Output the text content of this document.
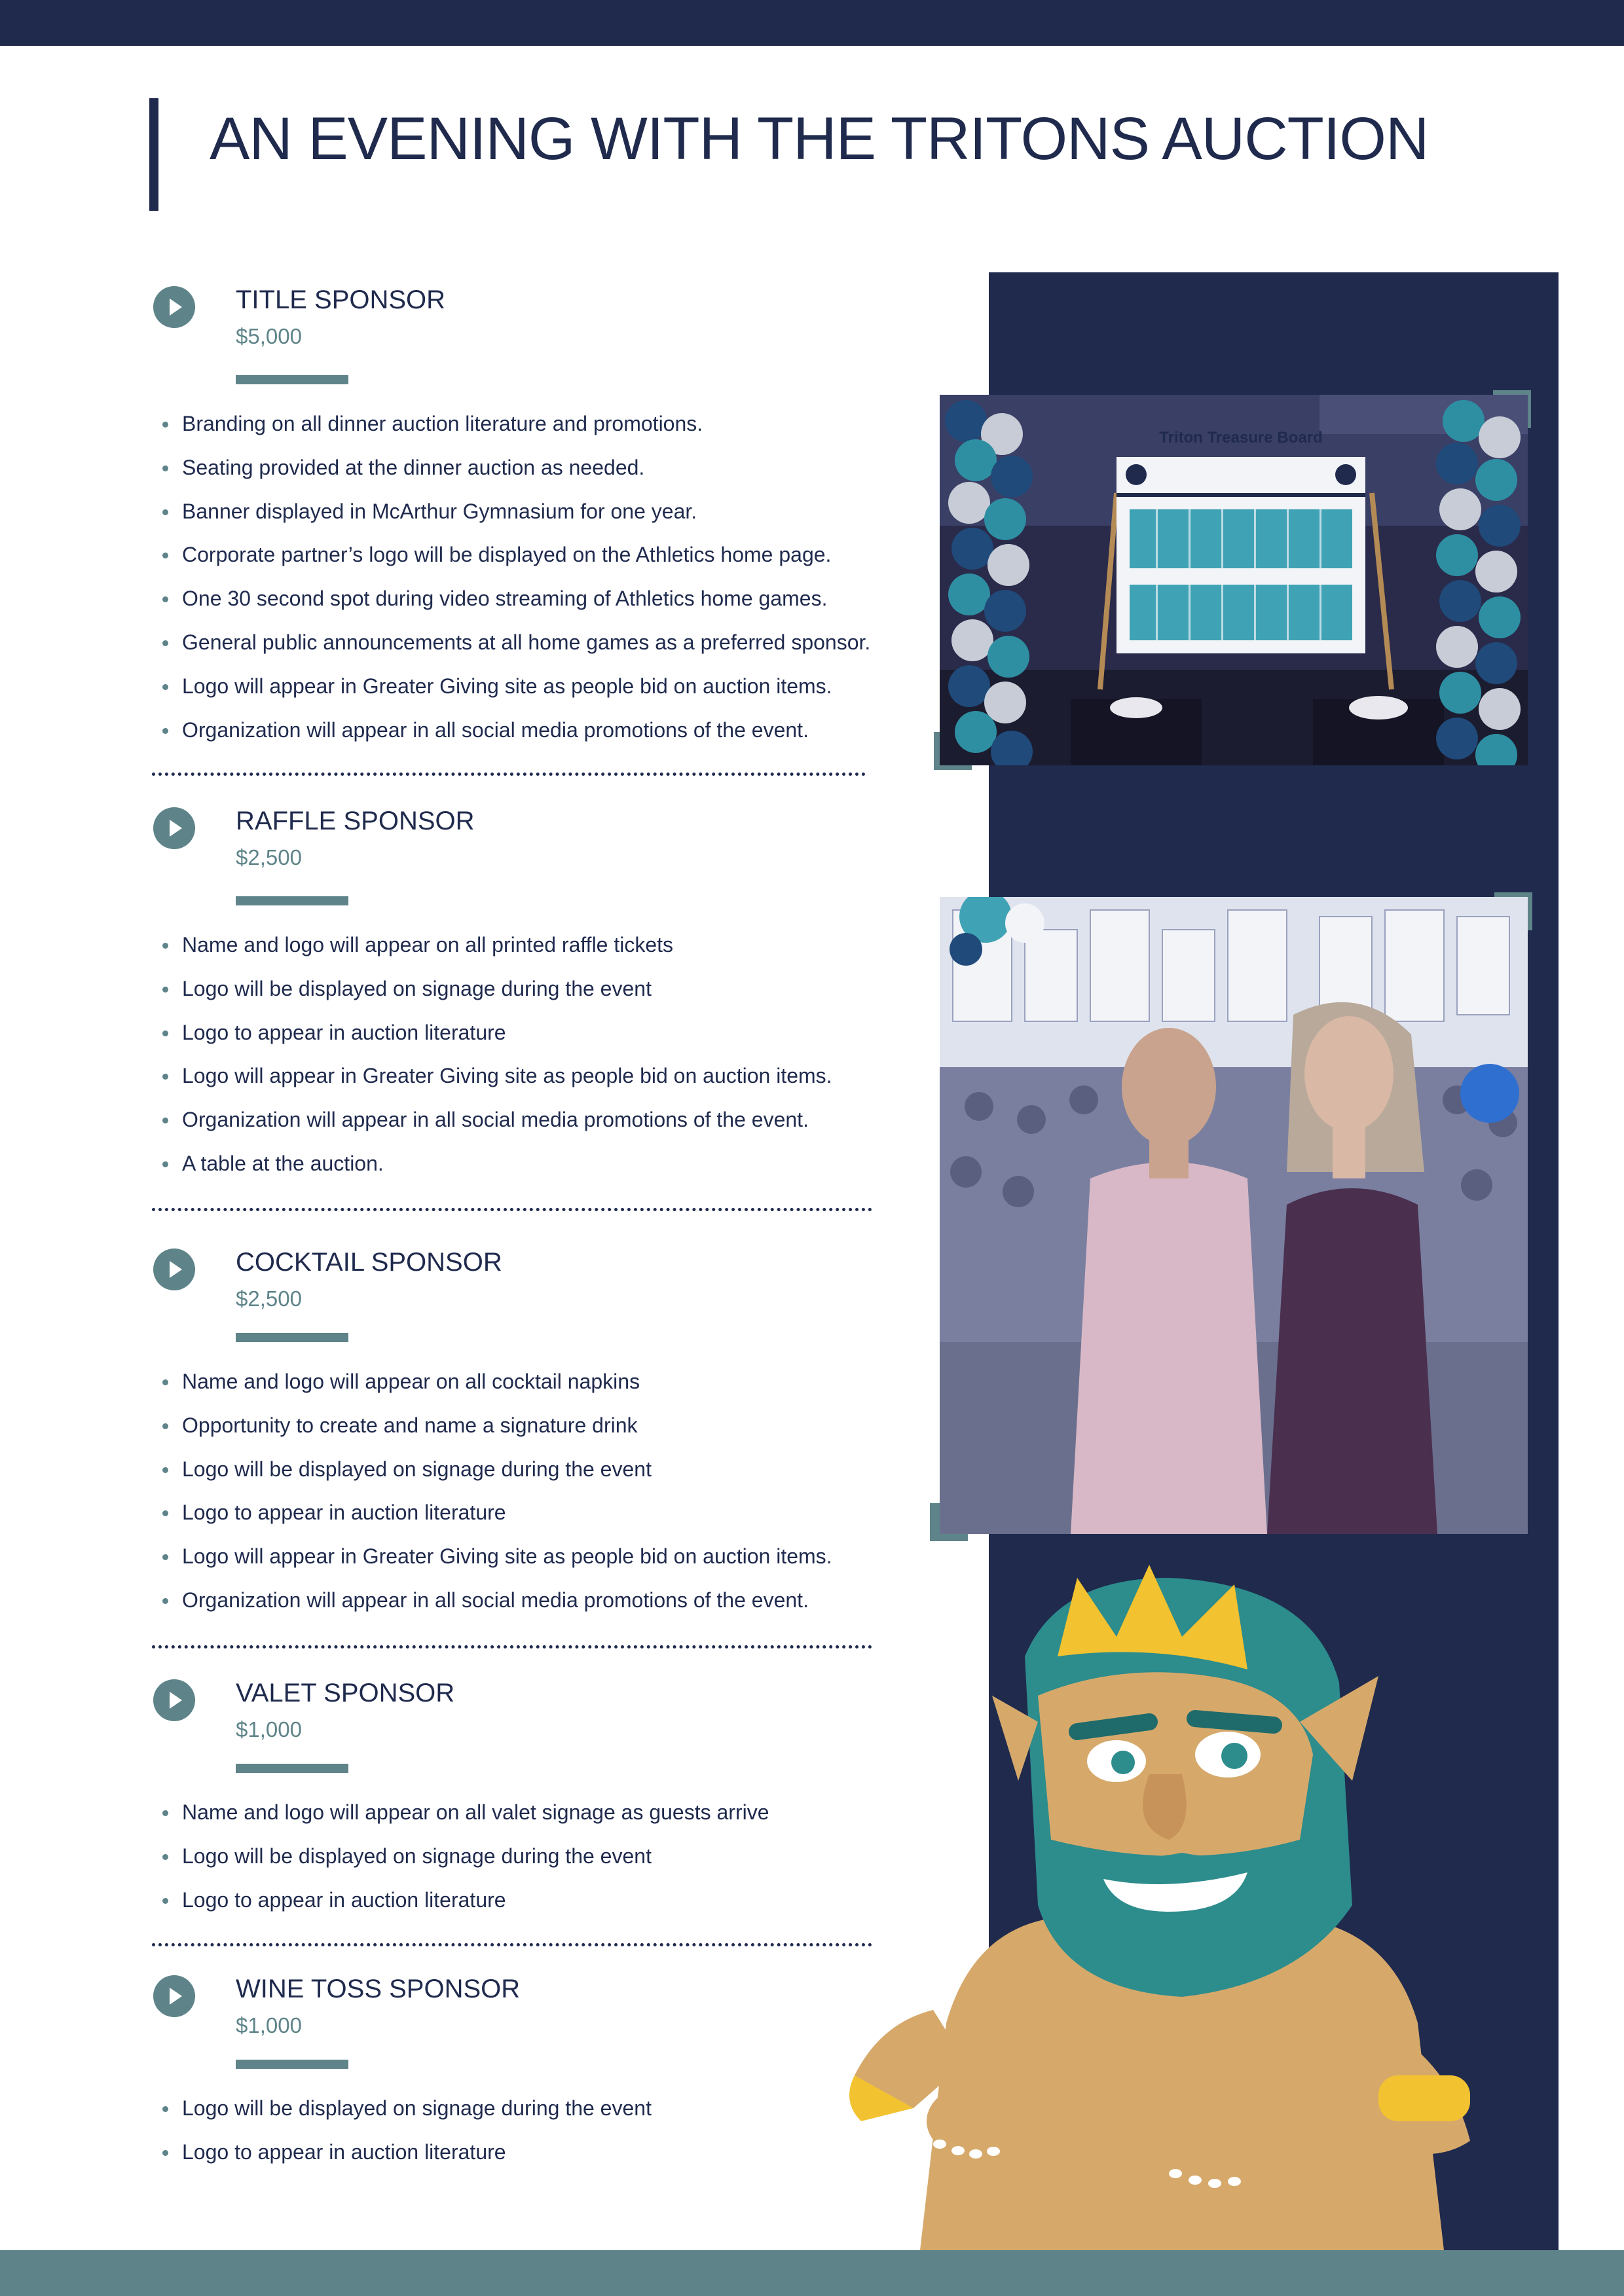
AN EVENING WITH THE TRITONS AUCTION
TITLE SPONSOR
$5,000
Branding on all dinner auction literature and promotions.
Seating provided at the dinner auction as needed.
Banner displayed in McArthur Gymnasium for one year.
Corporate partner’s logo will be displayed on the Athletics home page.
One 30 second spot during video streaming of Athletics home games.
General public announcements at all home games as a preferred sponsor.
Logo will appear in Greater Giving site as people bid on auction items.
Organization will appear in all social media promotions of the event.
RAFFLE SPONSOR
$2,500
Name and logo will appear on all printed raffle tickets
Logo will be displayed on signage during the event
Logo to appear in auction literature
Logo will appear in Greater Giving site as people bid on auction items.
Organization will appear in all social media promotions of the event.
A table at the auction.
COCKTAIL SPONSOR
$2,500
Name and logo will appear on all cocktail napkins
Opportunity to create and name a signature drink
Logo will be displayed on signage during the event
Logo to appear in auction literature
Logo will appear in Greater Giving site as people bid on auction items.
Organization will appear in all social media promotions of the event.
VALET SPONSOR
$1,000
Name and logo will appear on all valet signage as guests arrive
Logo will be displayed on signage during the event
Logo to appear in auction literature
WINE TOSS SPONSOR
$1,000
Logo will be displayed on signage during the event
Logo to appear in auction literature
Triton Treasure Board
